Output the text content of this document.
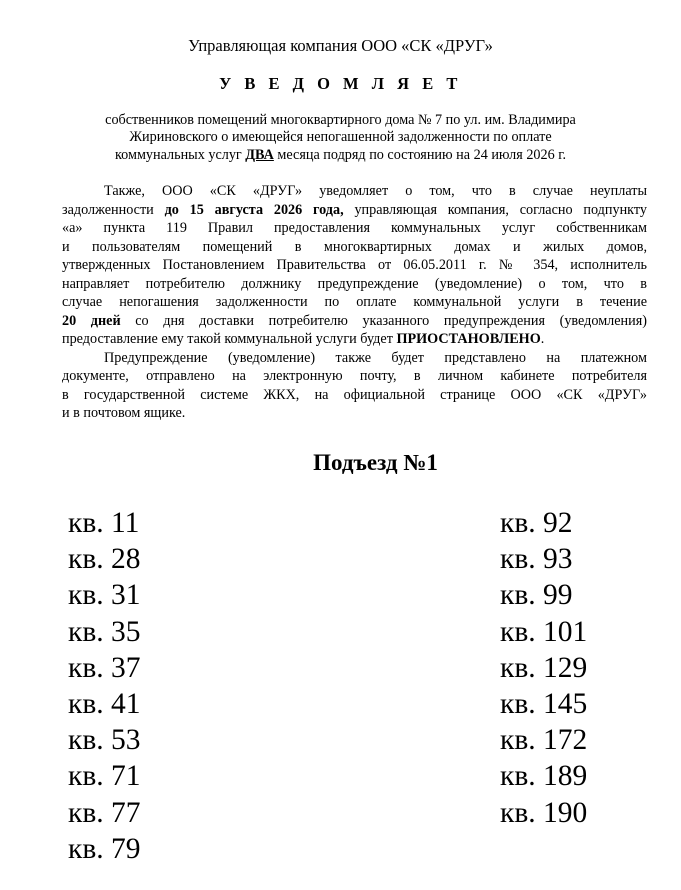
Управляющая компания ООО «СК «ДРУГ»
У В Е Д О М Л Я Е Т
собственников помещений многоквартирного дома № 7 по ул. им. Владимира
Жириновского о имеющейся непогашенной задолженности по оплате
коммунальных услуг ДВА месяца подряд по состоянию на 24 июля 2026 г.
Также, ООО «СК «ДРУГ» уведомляет о том, что в случае неуплаты
задолженности до 15 августа 2026 года, управляющая компания, согласно подпункту
«а» пункта 119 Правил предоставления коммунальных услуг собственникам
и пользователям помещений в многоквартирных домах и жилых домов,
утвержденных Постановлением Правительства от 06.05.2011 г. № 354, исполнитель
направляет потребителю должнику предупреждение (уведомление) о том, что в
случае непогашения задолженности по оплате коммунальной услуги в течение
20 дней со дня доставки потребителю указанного предупреждения (уведомления)
предоставление ему такой коммунальной услуги будет ПРИОСТАНОВЛЕНО.
Предупреждение (уведомление) также будет представлено на платежном
документе, отправлено на электронную почту, в личном кабинете потребителя
в государственной системе ЖКХ, на официальной странице ООО «СК «ДРУГ»
и в почтовом ящике.
Подъезд №1
кв. 11
кв. 28
кв. 31
кв. 35
кв. 37
кв. 41
кв. 53
кв. 71
кв. 77
кв. 79
кв. 92
кв. 93
кв. 99
кв. 101
кв. 129
кв. 145
кв. 172
кв. 189
кв. 190
